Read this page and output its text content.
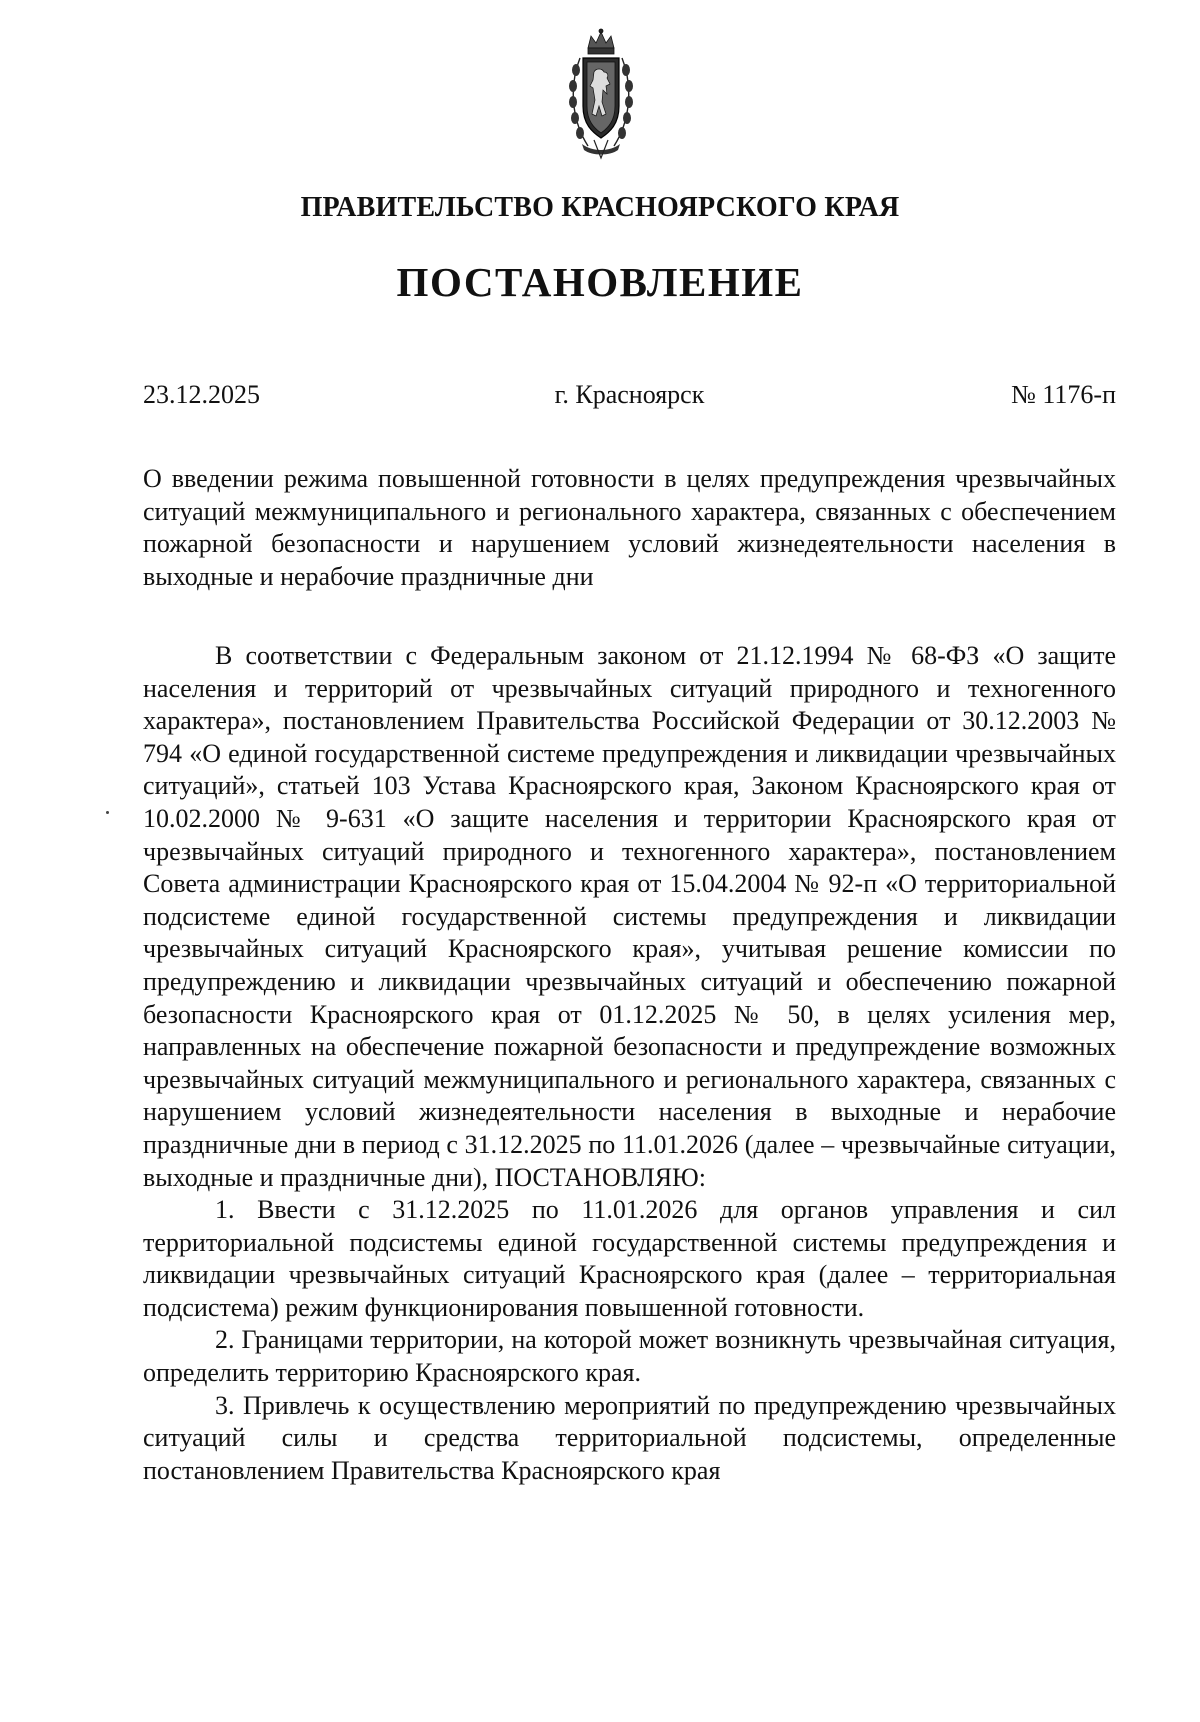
ПРАВИТЕЛЬСТВО КРАСНОЯРСКОГО КРАЯ
ПОСТАНОВЛЕНИЕ
23.12.2025	г. Красноярск	№ 1176-п
О введении режима повышенной готовности в целях предупреждения чрезвычайных ситуаций межмуниципального и регионального характера, связанных с обеспечением пожарной безопасности и нарушением условий жизнедеятельности населения в выходные и нерабочие праздничные дни

В соответствии с Федеральным законом от 21.12.1994 № 68-ФЗ «О защите населения и территорий от чрезвычайных ситуаций природного и техногенного характера», постановлением Правительства Российской Федерации от 30.12.2003 № 794 «О единой государственной системе предупреждения и ликвидации чрезвычайных ситуаций», статьей 103 Устава Красноярского края, Законом Красноярского края от 10.02.2000 № 9-631 «О защите населения и территории Красноярского края от чрезвычайных ситуаций природного и техногенного характера», постановлением Совета администрации Красноярского края от 15.04.2004 № 92-п «О территориальной подсистеме единой государственной системы предупреждения и ликвидации чрезвычайных ситуаций Красноярского края», учитывая решение комиссии по предупреждению и ликвидации чрезвычайных ситуаций и обеспечению пожарной безопасности Красноярского края от 01.12.2025 № 50, в целях усиления мер, направленных на обеспечение пожарной безопасности и предупреждение возможных чрезвычайных ситуаций межмуниципального и регионального характера, связанных с нарушением условий жизнедеятельности населения в выходные и нерабочие праздничные дни в период с 31.12.2025 по 11.01.2026 (далее – чрезвычайные ситуации, выходные и праздничные дни), ПОСТАНОВЛЯЮ:

1. Ввести с 31.12.2025 по 11.01.2026 для органов управления и сил территориальной подсистемы единой государственной системы предупреждения и ликвидации чрезвычайных ситуаций Красноярского края (далее – территориальная подсистема) режим функционирования повышенной готовности.

2. Границами территории, на которой может возникнуть чрезвычайная ситуация, определить территорию Красноярского края.

3. Привлечь к осуществлению мероприятий по предупреждению чрезвычайных ситуаций силы и средства территориальной подсистемы, определенные постановлением Правительства Красноярского края
